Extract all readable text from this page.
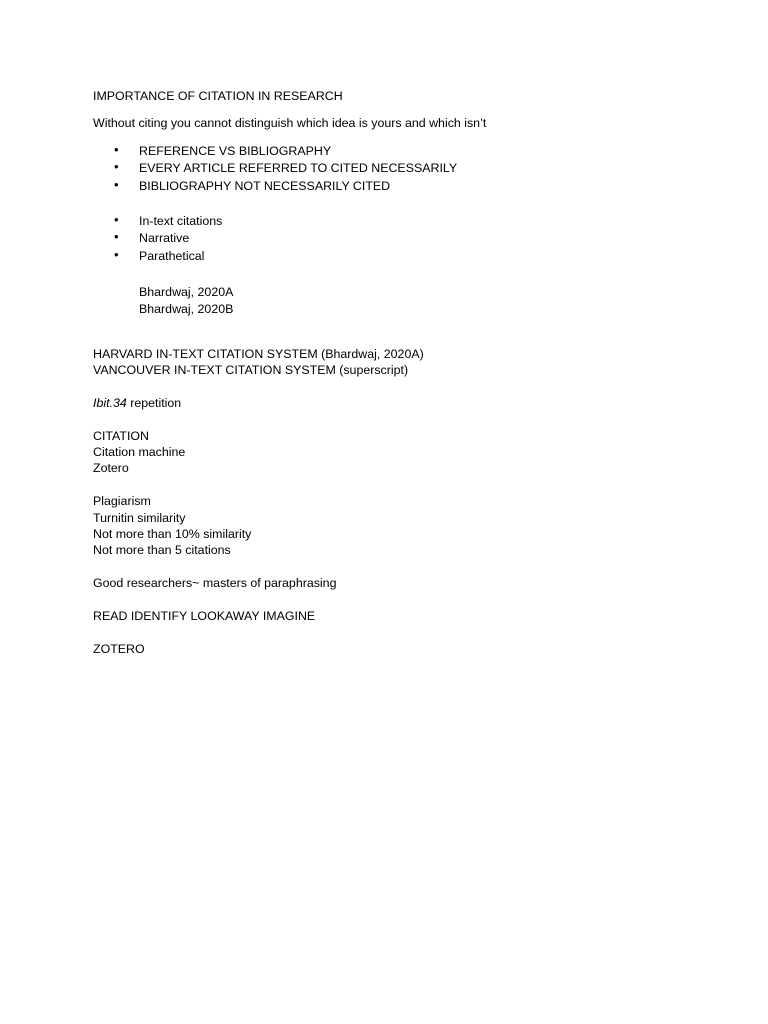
IMPORTANCE OF CITATION IN RESEARCH
Without citing you cannot distinguish which idea is yours and which isn’t
• REFERENCE VS BIBLIOGRAPHY
• EVERY ARTICLE REFERRED TO CITED NECESSARILY
• BIBLIOGRAPHY NOT NECESSARILY CITED
• In-text citations
• Narrative
• Parathetical
Bhardwaj, 2020A
Bhardwaj, 2020B
HARVARD IN-TEXT CITATION SYSTEM (Bhardwaj, 2020A)
VANCOUVER IN-TEXT CITATION SYSTEM (superscript)
Ibit.34 repetition
CITATION
Citation machine
Zotero
Plagiarism
Turnitin similarity
Not more than 10% similarity
Not more than 5 citations
Good researchers~ masters of paraphrasing
READ IDENTIFY LOOKAWAY IMAGINE
ZOTERO
